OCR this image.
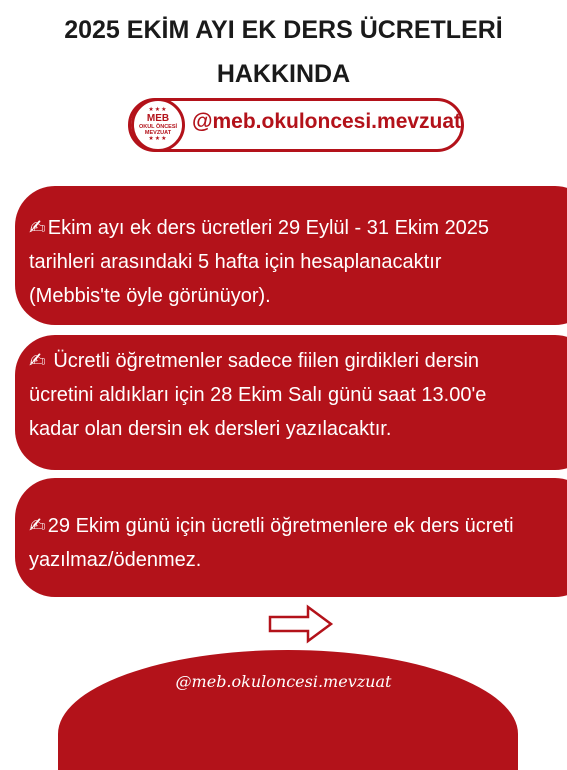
2025 EKİM AYI EK DERS ÜCRETLERİ
HAKKINDA
★★★
MEB
OKUL ÖNCESİ
MEVZUAT
★★★
@meb.okuloncesi.mevzuat

✍ Ekim ayı ek ders ücretleri 29 Eylül - 31 Ekim 2025

tarihleri arasındaki 5 hafta için hesaplanacaktır

(Mebbis'te öyle görünüyor).

✍ Ücretli öğretmenler sadece fiilen girdikleri dersin

ücretini aldıkları için 28 Ekim Salı günü saat 13.00'e

kadar olan dersin ek dersleri yazılacaktır.

✍ 29 Ekim günü için ücretli öğretmenlere ek ders ücreti

yazılmaz/ödenmez.

@meb.okuloncesi.mevzuat
